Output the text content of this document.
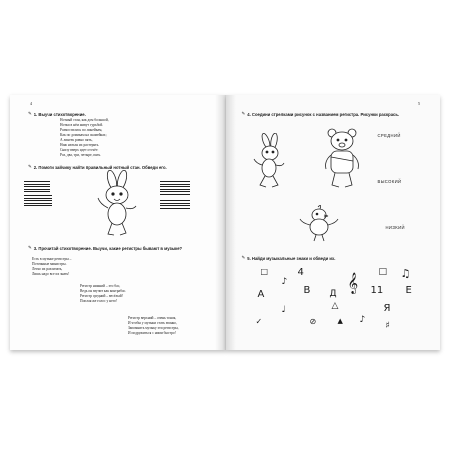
4
✎ 1. Выучи стихотворение.
Нотный стан, как дом большой,
Нотки в нём живут гурьбой.
Размостились по линейкам,
Как по домикам на скамейках;
А линеек ровно пять,
Ниж нельзя их растерять.
Снизу вверх идет отсчёт:
Раз, два, три, четыре, пять.
✎ 2. Помоги зайчику найти правильный нотный стан. Обведи его.
✎ 3. Прочитай стихотворение. Выучи, какие регистры бывают в музыке?
Есть в музыке регистры –
Поточнные министры.
Легко их различать,
Лишь надо все их знать!
Регистр нижний – это бас,
Ведь он звучит как контрабас.
Регистр средний – весёлый!
Поплая же голос у него!
Регистр верхний – очень тонок,
И чтобы у музыки стать звонко,
Запомнить музыку эти регистры,
И подружиться с ними быстро!
5
✎ 4. Соедини стрелками рисунок с названием регистра. Рисунки раскрась.
СРЕДНИЙ
ВЫСОКИЙ
НИЗКИЙ
✎ 5. Найди музыкальные знаки и обведи их.
□	4	□ ♫
♪	𝄞
А	В Д	11 Е
△
♩
✓	⊘	▲ ♪
Я
♯
